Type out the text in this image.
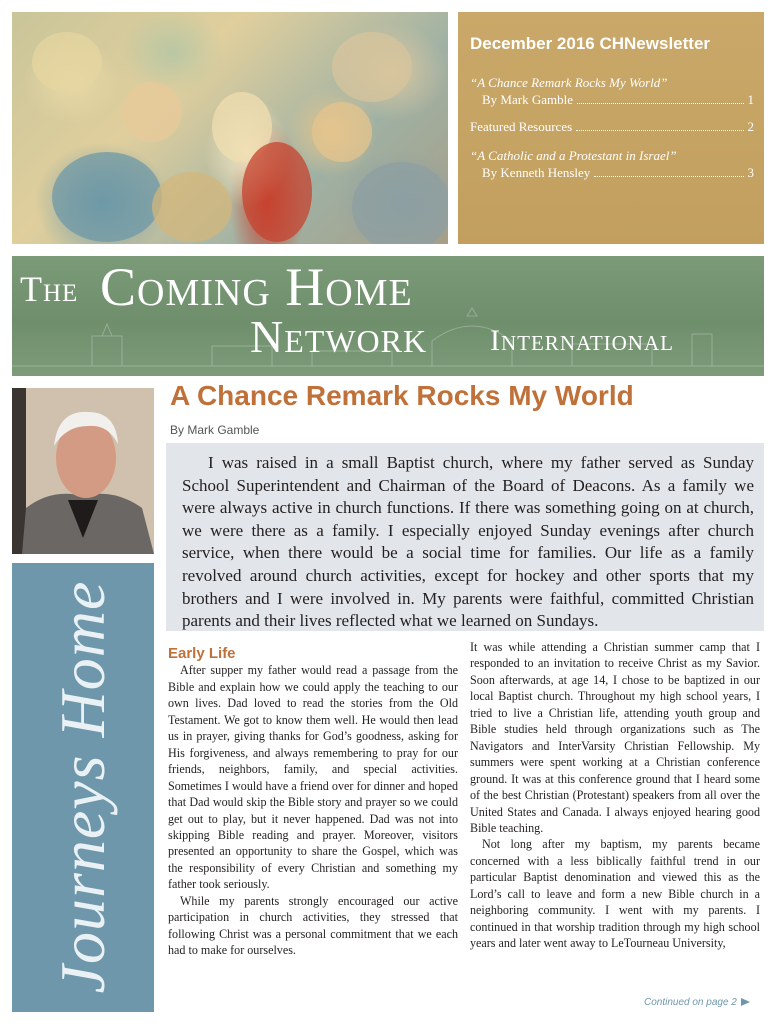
December 2016 CHNewsletter
“A Chance Remark Rocks My World”
By Mark Gamble	1
Featured Resources	2
“A Catholic and a Protestant in Israel”
By Kenneth Hensley	3
The Coming Home
Network International
Journeys Home
A Chance Remark Rocks My World
By Mark Gamble
I was raised in a small Baptist church, where my father served as Sunday School Superintendent and Chairman of the Board of Deacons. As a family we were always active in church functions. If there was something going on at church, we were there as a family. I especially enjoyed Sunday evenings after church service, when there would be a social time for families. Our life as a family revolved around church activities, except for hockey and other sports that my brothers and I were involved in. My parents were faithful, committed Christian parents and their lives reflected what we learned on Sundays.

Early Life

After supper my father would read a passage from the Bible and explain how we could apply the teaching to our own lives. Dad loved to read the stories from the Old Testament. We got to know them well. He would then lead us in prayer, giving thanks for God’s goodness, asking for His forgiveness, and always remembering to pray for our friends, neighbors, family, and special activities. Sometimes I would have a friend over for dinner and hoped that Dad would skip the Bible story and prayer so we could get out to play, but it never happened. Dad was not into skipping Bible reading and prayer. Moreover, visitors presented an opportunity to share the Gospel, which was the responsibility of every Christian and something my father took seriously.

While my parents strongly encouraged our active participation in church activities, they stressed that following Christ was a personal commitment that we each had to make for ourselves.

It was while attending a Christian summer camp that I responded to an invitation to receive Christ as my Savior. Soon afterwards, at age 14, I chose to be baptized in our local Baptist church. Throughout my high school years, I tried to live a Christian life, attending youth group and Bible studies held through organizations such as The Navigators and InterVarsity Christian Fellowship. My summers were spent working at a Christian conference ground. It was at this conference ground that I heard some of the best Christian (Protestant) speakers from all over the United States and Canada. I always enjoyed hearing good Bible teaching.

Not long after my baptism, my parents became concerned with a less biblically faithful trend in our particular Baptist denomination and viewed this as the Lord’s call to leave and form a new Bible church in a neighboring community. I went with my parents. I continued in that worship tradition through my high school years and later went away to LeTourneau University,

Continued on page 2
